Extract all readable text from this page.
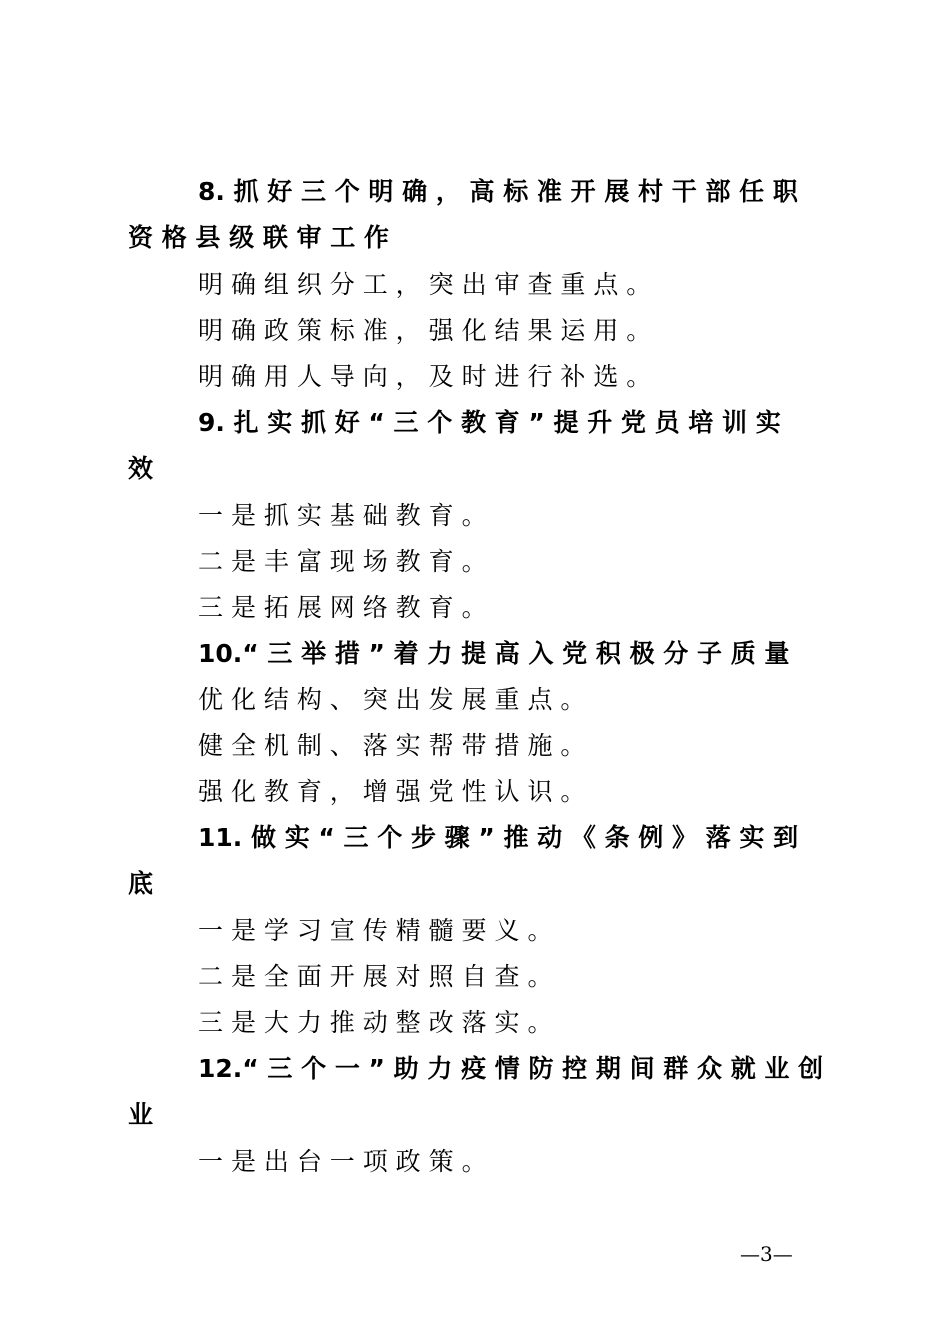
8. 抓 好 三 个 明 确 ， 高 标 准 开 展 村 干 部 任 职
资 格 县 级 联 审 工 作
明 确 组 织 分 工 ， 突 出 审 查 重 点 。
明 确 政 策 标 准 ， 强 化 结 果 运 用 。
明 确 用 人 导 向 ， 及 时 进 行 补 选 。
9. 扎 实 抓 好 “ 三 个 教 育 ” 提 升 党 员 培 训 实
效
一 是 抓 实 基 础 教 育 。
二 是 丰 富 现 场 教 育 。
三 是 拓 展 网 络 教 育 。
10.“ 三 举 措 ” 着 力 提 高 入 党 积 极 分 子 质 量
优 化 结 构 、 突 出 发 展 重 点 。
健 全 机 制 、 落 实 帮 带 措 施 。
强 化 教 育 ， 增 强 党 性 认 识 。
11. 做 实 “ 三 个 步 骤 ” 推 动 《 条 例 》 落 实 到
底
一 是 学 习 宣 传 精 髓 要 义 。
二 是 全 面 开 展 对 照 自 查 。
三 是 大 力 推 动 整 改 落 实 。
12.“ 三 个 一 ” 助 力 疫 情 防 控 期 间 群 众 就 业 创
业
一 是 出 台 一 项 政 策 。
—3—
